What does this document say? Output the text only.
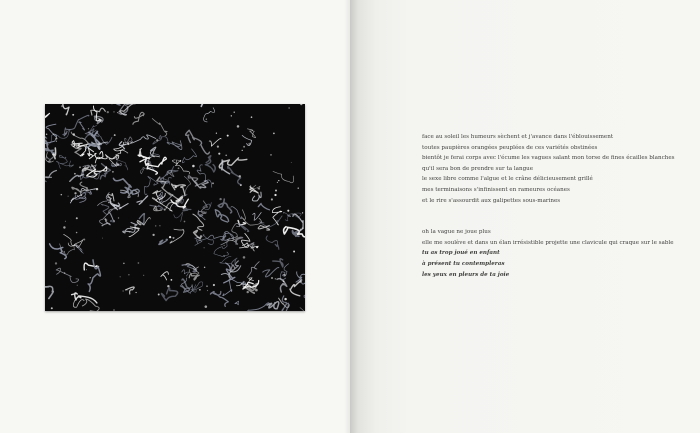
face au soleil les humeurs sèchent et j'avance dans l'éblouissement
toutes paupières orangées peuplées de ces variétés obstinées
bientôt je ferai corps avec l'écume les vagues salant mon torse de fines écailles blanches
qu'il sera bon de prendre sur ta langue
le sexe libre comme l'algue et le crâne délicieusement grillé
mes terminaisons s'infinissent en rameures océanes
et le rire s'assourdit aux galipettes sous-marines
oh la vague ne joue plus
elle me soulève et dans un élan irrésistible projette une clavicule qui craque sur le sable
tu as trop joué en enfant
à présent tu contempleras
les yeux en pleurs de ta joie
